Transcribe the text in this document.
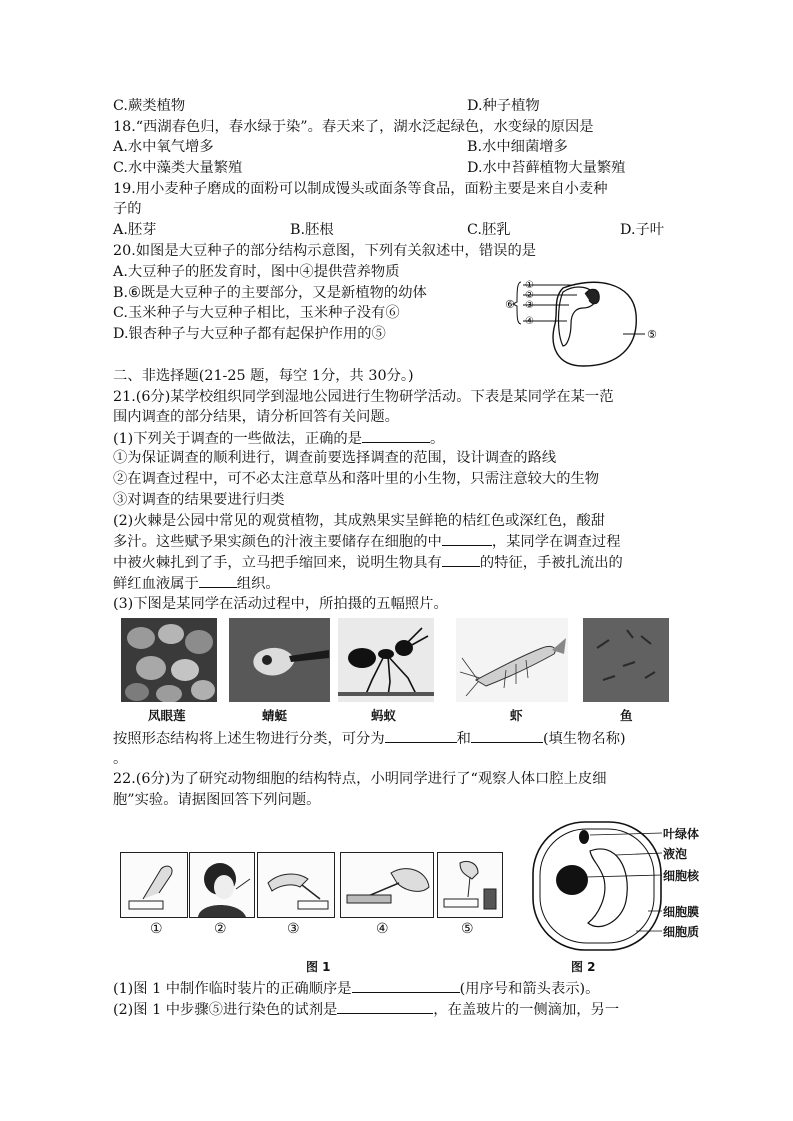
C.蕨类植物	D.种子植物
18.“西湖春色归，春水绿于染”。春天来了，湖水泛起绿色，水变绿的原因是
A.水中氧气增多	B.水中细菌增多
C.水中藻类大量繁殖	D.水中苔藓植物大量繁殖
19.用小麦种子磨成的面粉可以制成馒头或面条等食品，面粉主要是来自小麦种
子的
A.胚芽	B.胚根	C.胚乳	D.子叶
20.如图是大豆种子的部分结构示意图，下列有关叙述中，错误的是
A.大豆种子的胚发育时，图中④提供营养物质
B.⑥既是大豆种子的主要部分，又是新植物的幼体
C.玉米种子与大豆种子相比，玉米种子没有⑥
D.银杏种子与大豆种子都有起保护作用的⑤
①
②
③
④
⑤
⑥
二、非选择题(21-25 题，每空 1分，共 30分。)
21.(6分)某学校组织同学到湿地公园进行生物研学活动。下表是某同学在某一范
围内调查的部分结果，请分析回答有关问题。
(1)下列关于调查的一些做法，正确的是	。
①为保证调查的顺利进行，调查前要选择调查的范围，设计调查的路线
②在调查过程中，可不必太注意草丛和落叶里的小生物，只需注意较大的生物
③对调查的结果要进行归类
(2)火棘是公园中常见的观赏植物，其成熟果实呈鲜艳的桔红色或深红色，酸甜
多汁。这些赋予果实颜色的汁液主要储存在细胞的中	，某同学在调查过程
中被火棘扎到了手，立马把手缩回来，说明生物具有	的特征，手被扎流出的
鲜红血液属于	组织。
(3)下图是某同学在活动过程中，所拍摄的五幅照片。
凤眼莲	蜻蜓	蚂蚁	虾	鱼
按照形态结构将上述生物进行分类，可分为	和	(填生物名称)
。
22.(6分)为了研究动物细胞的结构特点，小明同学进行了“观察人体口腔上皮细
胞”实验。请据图回答下列问题。
①	②	③	④	⑤
图 1
叶绿体
液泡
细胞核
细胞膜
细胞质
图 2
(1)图 1 中制作临时装片的正确顺序是	(用序号和箭头表示)。
(2)图 1 中步骤⑤进行染色的试剂是	，在盖玻片的一侧滴加，另一
